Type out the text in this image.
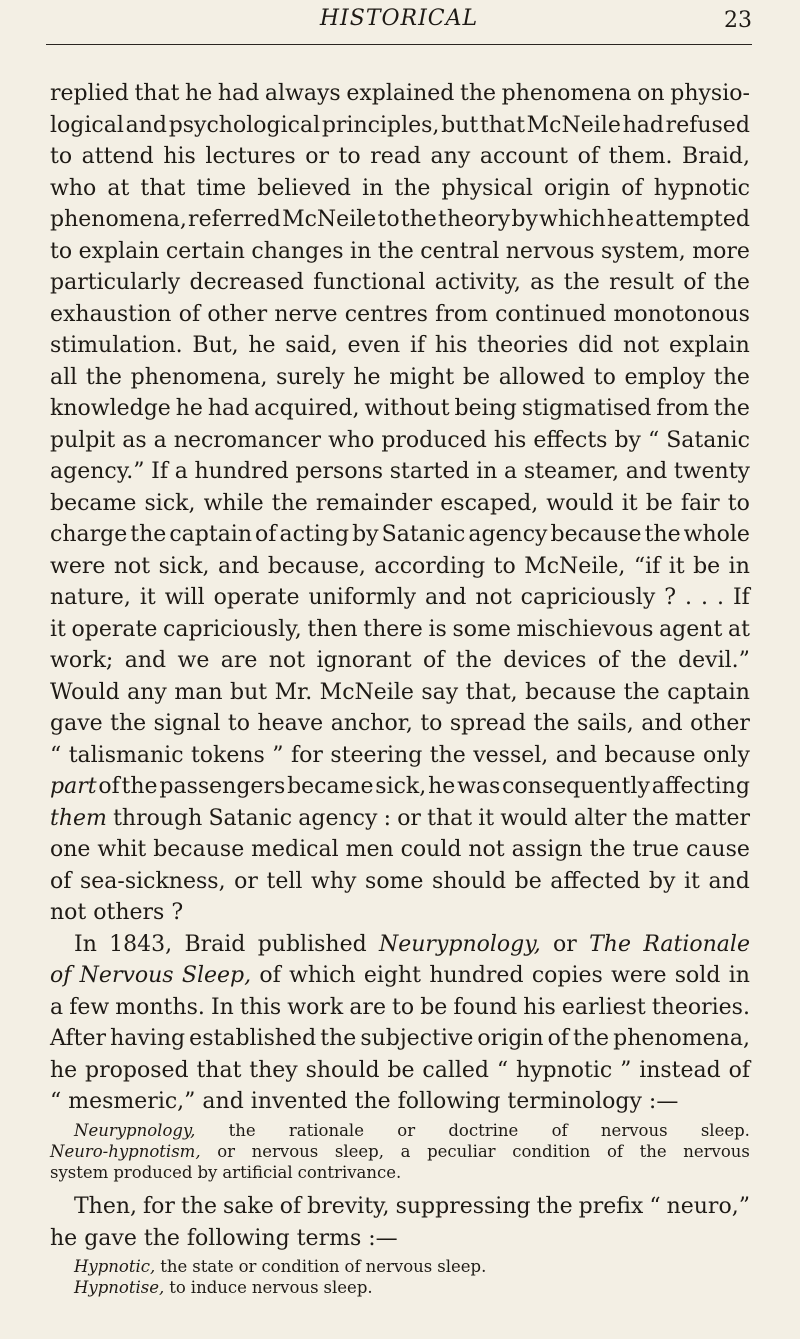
HISTORICAL	23
replied that he had always explained the phenomena on physio-
logical and psychological principles, but that McNeile had refused
to attend his lectures or to read any account of them. Braid,
who at that time believed in the physical origin of hypnotic
phenomena, referred McNeile to the theory by which he attempted
to explain certain changes in the central nervous system, more
particularly decreased functional activity, as the result of the
exhaustion of other nerve centres from continued monotonous
stimulation. But, he said, even if his theories did not explain
all the phenomena, surely he might be allowed to employ the
knowledge he had acquired, without being stigmatised from the
pulpit as a necromancer who produced his effects by “ Satanic
agency.” If a hundred persons started in a steamer, and twenty
became sick, while the remainder escaped, would it be fair to
charge the captain of acting by Satanic agency because the whole
were not sick, and because, according to McNeile, “if it be in
nature, it will operate uniformly and not capriciously ? . . . If
it operate capriciously, then there is some mischievous agent at
work; and we are not ignorant of the devices of the devil.”
Would any man but Mr. McNeile say that, because the captain
gave the signal to heave anchor, to spread the sails, and other
“ talismanic tokens ” for steering the vessel, and because only
part of the passengers became sick, he was consequently affecting
them through Satanic agency : or that it would alter the matter
one whit because medical men could not assign the true cause
of sea-sickness, or tell why some should be affected by it and
not others ?
In 1843, Braid published Neurypnology, or The Rationale
of Nervous Sleep, of which eight hundred copies were sold in
a few months. In this work are to be found his earliest theories.
After having established the subjective origin of the phenomena,
he proposed that they should be called “ hypnotic ” instead of
“ mesmeric,” and invented the following terminology :—
Neurypnology, the rationale or doctrine of nervous sleep.
Neuro-hypnotism, or nervous sleep, a peculiar condition of the nervous
system produced by artificial contrivance.
Then, for the sake of brevity, suppressing the prefix “ neuro,”
he gave the following terms :—
Hypnotic, the state or condition of nervous sleep.
Hypnotise, to induce nervous sleep.
